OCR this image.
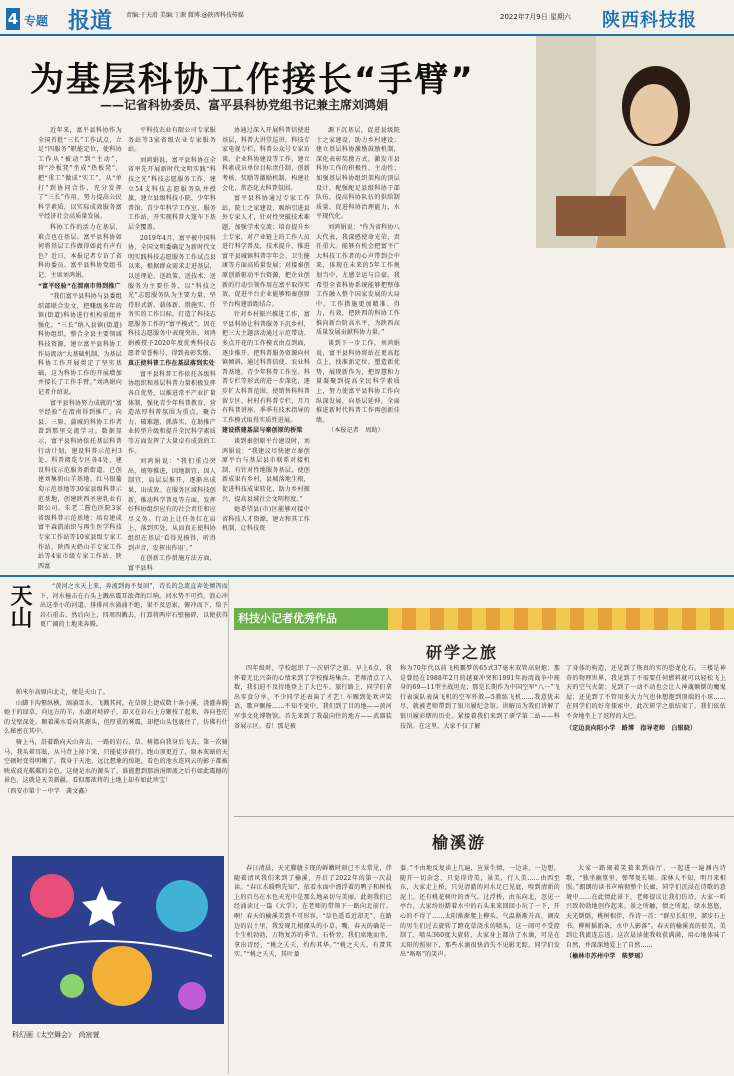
4 专题 报道 责编:于天滑 美编:丁源 微博:@陕西科技传媒	2022年7月9日 星期六 陕西科技报
为基层科协工作接长“手臂”
——记省科协委员、富平县科协党组书记兼主席刘鸿娟

近年来，富平县科协作为全国首批“三长”工作试点，立足“四服务”职能定位，使科协工作从“被动”到“主动”，将“冷板凳”坐成“热板凳”，把“重工”做成“实工”，从“单打”到协同合作，充分发挥了“三长”作用，努力提高公民科学素质，以实际成效服务富平经济社会高质量发展。

科协工作的活力在基层，难点也在基层。富平县科协如何将基层工作做得如此有声有色？近日，本报记者专访了省科协委员、富平县科协党组书记、主席刘鸿娟。

“富平经验”在渭南市得到推广

“我们富平县科协与县委组织部联合发文，把赚级多年的镇(街道)科协进行机构重组并强化，“三长”纳入县镇(街道)科协组织，整合全县主要领域科技资源，建立富平县科协工作局流动“大基础机制，为基层科协工作开展奠定了坚实基础，这为科协工作的开展增加并接长了工作手臂。”刘鸿娟向记者介绍说。

富平县科协努力成就的“富平经验”在渭南得到推广，向县、三原、蒲城的科协工作者曾到那里交流学习。数据显示，富平县科协依托基层科普行动计划，建设科普示范村3处、科普阅览专区各4处，建设科技示范服务新街道，已创建刘集奶山羊基地、红马银葡萄示范基地等30家县级科普示范基地，创建陕西圣唐乳业有限公司、朱老二酱色医院3家省级科普示范基地；培育建成富平森凯油织与再生医学科技专家工作站等10家县级专家工作站、陕西天奶山羊专家工作站等4家市级专家工作站、陕西富

平科技农业有限公司专家服务站等3家省级农业专家服务站。

刘鸿娟说，富平县科协在全省率先开展新时代文明实践“科技之光”科技志愿服务工作，建立54支科技志愿服务队并授旗，建立县级科技小院、少年科普馆、青少年科学工作室、服务工作站，开实现科普大篷车下基层全覆盖。

2019年4月，富平被中国科协、全国文明委确定为新时代文明实践科技志愿服务工作试点县以来，根据群众需求走进基层，以送理论、送政策、送技术、送服务为主要任务，以“科技之光”志愿服务队为主要力量，坚持形式新、载体新、措施实、任务实的工作目标，打造了科技志愿服务工作的“富平模式”。因在科技志愿服务中表现突出，刘鸿娟被授予2020年度优秀科技志愿者荣誉称号，得到表彰奖励。

真正使科普工作在基层落到实处

富平县科普工作依托各级科协组织和基层科普力量积极发挥各自优势，以推进常平产业扩量体制，强化青少年科普教育，营造浓厚科普氛围为重点，聚合力、破难题、抓落实，在助推产业转型升级和提升全民科学素质等方面发挥了大量卓有成效的工作。

刘鸿娟说：“我们重点突出，统筹推进，因地制宜、因人制宜，肩层层推开，逐渐出成果，出成效。在服务区域科技创新，推动科学普及等方面，发挥好科协组织应有的社会责任和应尽义务。行动上让任务扛在肩上，落到实处，从而真正使科协组织在基层‘看得见摸得，听得到声音，发挥出作用’。”

在创新工作措施方法方面，富平县科

协通过深入开展科普信使进基层，科普大讲堂巡讲，科技专家电视专栏，科普公众号专家访谈、企业科协建设等工作，建立科素成员单位目标责任制，创新考核、奖励等激励机制，构建社会化、常态化大科普氛围。

富平县科协通过专家工作站，院士之家建设，吸纳引进县外专家人才，针对性突破技术难题，加强学术交流；培育提升乡土专家，对产业链上的工作人员进行科学普及，技术提升，推进富平县城镇科普字年会、卫生健康等方面高质量发展；对接秦创原创新驱动平台资源，把企业创新的行动引领作用在富平取得实效，促进平台企业能够和秦创原平台构建语距结合。

针对乡村振兴推进工作，富平县科协让科普服务下沉乡村，把三大主题活动通过示范带动、多点开花的工作模式由点到面，逐步推开，把科普服务资源向村镇倾斜。通过科普信使、农业科普基地、青少年科普工作室、科普专栏等形式的进一步深化，逐步扩大科普范围，使销售科科普留专区、村村有科普专栏，月月有科普讲座、季季有技术指导的工作模式取得实质性进展。

建设搭建基层与秦创原的桥梁

谈到秦创原平台建设时，刘鸿娟说：“我建议尽快建立秦创原平台与基层县市联系对接机制，有针对性地服务基层，使创新成果有乡村，县城落地生根，促进科技成果转化，助力乡村振兴，提高县域社会文明程度。”

她希望县(市)区能够对接中省科技人才资源，建立和其工作机制，让科技资

源下沉基层，促进县级院士之家建设，助力乡村建设；建立基层科协激励鼓励机制，深化表彰奖励方式，激发市县科协工作的积极性、主动性；加强基层科协组织架构的顶层设计，配强配足县级科协干部队伍，提高科协队伍的供给制质量，促进科协治理能力、水平现代化。

刘鸿娟说：“作为省科协八大代表，我深感使命光荣，责任重大。能够有机会把富平广大科技工作者的心声带到会中来，体现在未来的5年工作规划当中，尤感幸运与自豪。我希望全省科协系统能够把整体工作融入整个国家发展的大局中，工作措施更加精准、得力，有效，把陕西的科协工作推向新台阶高水平，为陕西高质量发展贡献科协力量。”

谈到下一步工作，刘鸿娟说，富平县科协将站在更高起点上，找准新定位，塑造新优势，展现新作为，把智慧和力量凝聚到提高全民科学素质上，努力使富平县科协工作向纵深发展，向基层延伸，全面推进新时代科普工作再创新佳绩。

（本报记者　周助）

天山	“黄河之水天上来，奔流到海不复回”，诗长的急流直奔处倾泻而下，河水撞击在石头上溅出震耳欲聋的巨响。河水势不可挡，浪心冲出这举小的河道。排排河水涌涌不绝，果不及思索，俯冲而下，给予岩石重击，然后向上，四周四溅去，打算将两岸石壁撞碎，以便获得更广阔的土地来奔腾。

帕米尔高原向北走，便是天山了。

山脚下沟壑纵横，汹涌雪水，飞溅其间，在草原上捷成数十条小溪，浇灌奔腾她于的绿草，向远方的羊，水潮对峙碎子，却又在岩石上方聚枝了起来，奔向苍茫的戈壁深处。顺着溪水看向其源头，但厚重的雾震，却把山头包裹住了，仿佛有什么秘密在其中。

骑上马，沿着路向天山奔去，一路的岩石、草、树都向我身后飞去。第一次骑马，我头晕耳眩，从马背上掉下来，只能徒步前行。跑山顶更近了，原本灰暗的天空顿时变得明晰了。置身于天池，远比想象的惊艳，看色的池水连同云的影子都被映成波光粼粼的金色，这便是水的源头了。谁能想到那涓涓细流之后有如此震撼的景色，这就是天美新疆，看似那欲将的上地上却有如此珍宝！

（西安市第十一中学　龚文鑫）

科幻画《太空舞会》　尚宸萱
科技小记者优秀作品
研学之旅

四年级时，学校组织了一次研学之旅。早上6点，我怀着无比兴奋的心情来到了学校操场集合。老师清点了人数，我们迫不及待地登上了大巴车。旅行路上，同学们拿出零食分享，不少同学还表演了才艺！车厢到处欢声笑语，歌声飘扬……不知不觉中，我们到了目的地——黄河军事文化博物馆。首先来到了我最向往的地方——武器装备展示区。看！那是被

称为70年代以前飞机霸梦的65式37毫米双管高射炮；那是曾经在1988年2月的越赛冲突和1991年海湾战争中现身的69—11型主战坦克；那是长期作为中国空军“八一”飞行表演队表演飞机的空军歼教—5教练飞机……我意犹未尽，就被老师带到了银川履纪念馆。讲解员为我们讲解了银川履彩熠的历史。紧接着我们来到了研学第二站——科技馆。在这里，大家不仅了解

了身体的构造，还见到了恢真的实的恐龙化石。三楼是神奇的物理世界，我见到了不需要任何燃料就可以轻松飞上天的空气火箭；见到了一动不动也会让人神魂颠倒的魔鬼屋；还见到了不管用多大力气也休想抱到顶端的小球……在同学们的好奇探索中，此次研学之旅结束了，我们依依不舍地坐上了返程的大巴。

（定边县向阳小学　路博　指导老师　白银晓）

榆溪游

春日清晨，天光朦胧卡现的鲜嫩时刻已不太常见，伴随着清风我们来到了榆溪，开启了2022年的第一次晨读。“春江水暖鸭先知”，依看水面中漂浮着的鸭子和树枝上的百鸟在水色天光中是那么地亲切与美丽，此刻我们已经涌读过一篇《大学》，在老师的带领下一路向北前行。啊！春天的榆溪美到不可形容，“草色遥看近却无”，在路边的岩土里，我发现几根探头的小草，嘴，春天的确是一个生机勃勃，万物复苏的季节。石桥旁，我们席地而坐，拿出诗经，“桃之夭夭，灼灼其华。”“桃之夭夭，有蕡其实。”“桃之夭夭，其叶蓁

蓁。”不由地反复读上几遍，应景生情，一边读，一边想，随开一切杂念，只觉得诗美，景美，行人美……由西至东，大家走上桥，只见清澈的河水足已见底，嗅到清新的泥土，还有桃花树叶的香气。过浮桥，由东向北，忽见一亭台，大家纷纷踏着水中的石头来来回回小玩了一下，开心的不得了……太阳渐渐爬上柳头，气温渐渐升高，调皮的男生们过去旋转了跨花草浇水的喷头，这一闹可不受控制了，喷头360度大旋转，大家身上都沾了水滴，可是在太阳的照射下，那些水滴很快消失不见影无踪，同学们发出“咯咯”的笑声。

大家一路闹着笑着来到庙厅，一起进一遍渊内诗歌，“独坐幽篁里，弹琴复长啸。深林人不知，明月来相照。”朗朗的读书声响彻整个长廊，同学们沉浸在诗歌的意境中……在此情此景下，老师提议让我们仿诗，大家一听兴致勃勃地创作起来。景之所触，情之所起，绿水悠悠，天光倒倒，桃树相伴，作诗一首：“群星长虹里，溜步石上书。柳树摇新条，水中人影落”。春天的榆溪真的很美，美到让我流连忘返。这次晨读使我收获满满，用心地体味了自然，并深深地爱上了自然……

（榆林市苏州中学　柴梦瑶）
